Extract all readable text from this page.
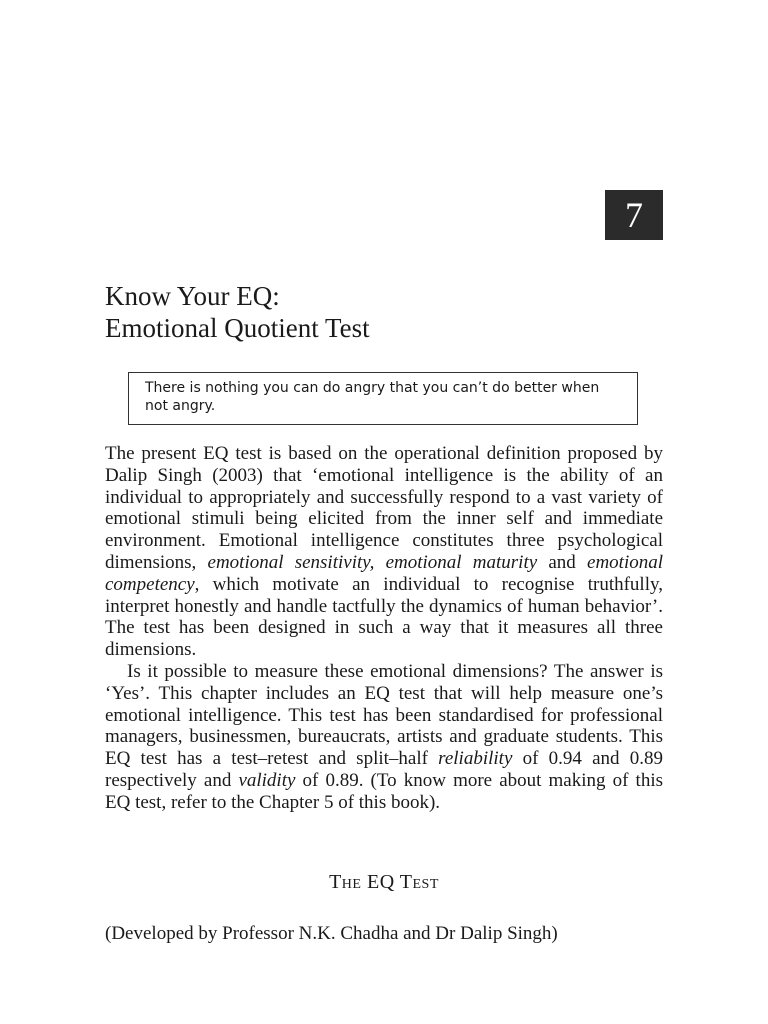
7
Know Your EQ:
Emotional Quotient Test
There is nothing you can do angry that you can’t do better when not angry.

The present EQ test is based on the operational definition proposed by Dalip Singh (2003) that ‘emotional intelligence is the ability of an individual to appropriately and successfully respond to a vast variety of emotional stimuli being elicited from the inner self and immediate environment. Emotional intelligence constitutes three psychological dimensions, emotional sensitivity, emotional maturity and emotional competency, which motivate an individual to recognise truthfully, interpret honestly and handle tactfully the dynamics of human behavior’. The test has been designed in such a way that it measures all three dimensions.

Is it possible to measure these emotional dimensions? The answer is ‘Yes’. This chapter includes an EQ test that will help measure one’s emotional intelligence. This test has been standardised for professional managers, businessmen, bureaucrats, artists and graduate students. This EQ test has a test–retest and split–half reliability of 0.94 and 0.89 respectively and validity of 0.89. (To know more about making of this EQ test, refer to the Chapter 5 of this book).

The EQ Test
(Developed by Professor N.K. Chadha and Dr Dalip Singh)
